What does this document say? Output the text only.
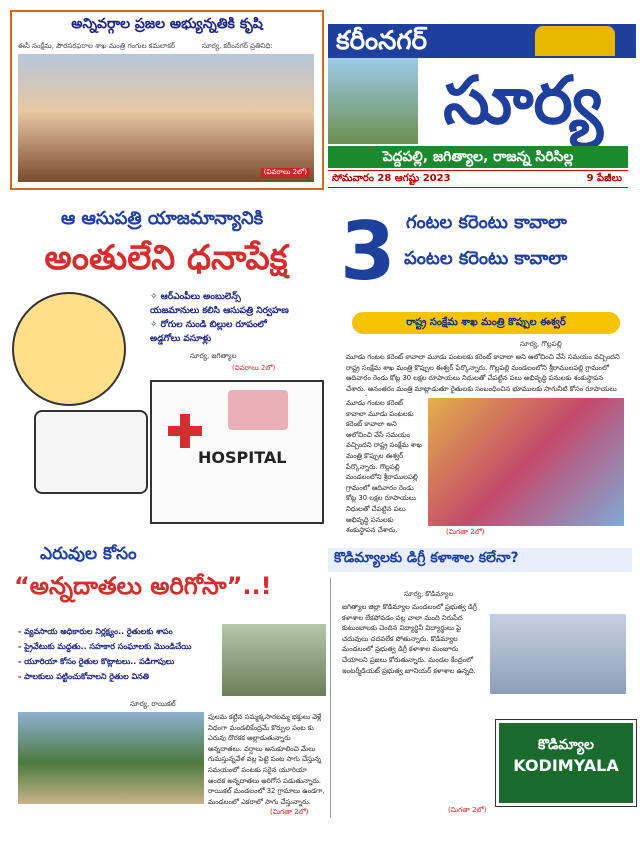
అన్నివర్గాల ప్రజల అభ్యున్నతికి కృషి
ఈసీ సంక్షేమ, పౌరసరఫరాల శాఖ మంత్రి గంగుల కమలాకర్	సూర్య, కరీంనగర్ ప్రతినిధి:
(వివరాలు 2లో)
కరీంనగర్
సూర్య
పెద్దపల్లి, జగిత్యాల, రాజన్న సిరిసిల్ల
సోమవారం 28 ఆగష్టు 2023	9 పేజీలు
ఆ ఆసుపత్రి యాజమాన్యానికి
అంతులేని ధనాపేక్ష
✧ ఆర్‌ఎంపీలు అంబులెన్స్
యజమానులు కలిసి ఆసుపత్రి నిర్వహణ
✧ రోగుల నుండి బిల్లుల రూపంలో
అడ్డగోలు వసూళ్లు
సూర్య, జగిత్యాల
(వివరాలు 2లో)
HOSPITAL
3 గంటల కరెంటు కావాలా
పంటల కరెంటు కావాలా
రాష్ట్ర సంక్షేమ శాఖ మంత్రి కొప్పుల ఈశ్వర్
సూర్య, గొల్లపల్లి
మూడు గంటల కరెంట్ కావాలా మూడు పంటలకు కరెంట్ కావాలా అని ఆలోచించి వేసే సమయం వచ్చిందని రాష్ట్ర సంక్షేమ శాఖ మంత్రి కొప్పుల ఈశ్వర్ పేర్కొన్నారు. గొల్లపల్లి మండలంలోని శ్రీరాములపల్లి గ్రామంలో ఆదివారం రెండు కోట్ల 30 లక్షల రూపాయలు నిధులతో చేపట్టిన పలు అభివృద్ధి పనులకు శంకుస్థాపన చేశారు. అనంతరం మంత్రి మాట్లాడుతూ రైతులకు సంబంధించిన భూములకు సాగునీటి కోసం రూపాయలు
మూడు గంటల కరెంట్ కావాలా మూడు పంటలకు కరెంట్ కావాలా అని ఆలోచించి వేసే సమయం వచ్చిందని రాష్ట్ర సంక్షేమ శాఖ మంత్రి కొప్పుల ఈశ్వర్ పేర్కొన్నారు. గొల్లపల్లి మండలంలోని శ్రీరాములపల్లి గ్రామంలో ఆదివారం రెండు కోట్ల 30 లక్షల రూపాయలు నిధులతో చేపట్టిన పలు అభివృద్ధి పనులకు శంకుస్థాపన చేశారు.	(మిగతా 2లో)
కొడిమ్యాలకు డిగ్రీ కళాశాల కలేనా?
సూర్య, కొడిమ్యాల
జగిత్యాల జిల్లా కొడిమ్యాల మండలంలో ప్రభుత్వ డిగ్రీ కళాశాల లేకపోవడం వల్ల చాలా మంది నిరుపేద కుటుంబాలకు చెందిన విద్యార్థినీ విద్యార్థులు పై చదువులు చదవలేక పోతున్నారు. కొడిమ్యాల మండలంలో ప్రభుత్వ డిగ్రీ కళాశాల మంజూరు చేయాలని ప్రజలు కోరుతున్నారు. మండల కేంద్రంలో ఇంటర్మీడియట్ ప్రభుత్వ జూనియర్ కళాశాల ఉన్నది.
(మిగతా 2లో)
కొడిమ్యాల
KODIMYALA
ఎరువుల కోసం
“అన్నదాతలు అరిగోసా”..!
- వ్యవసాయ అధికారుల నిర్లక్ష్యం.. రైతులకు శాపం
- ప్రైవేటుకు మద్దతు.. సహకార సంఘాలకు మొండిచేయి
- యూరియా కోసం రైతుల కొట్లాటలు.. పడిగాపులు
- పాలకులు పట్టించుకోవాలని రైతుల వినతి
సూర్య, రాయికల్
పులమ కట్టిన సమ్మక్కసారలమ్మ భక్తులు వెళ్లే విధంగా మండలికేంద్రమే కొర్పుల పంట కు ఎరువు దొరకక అల్లాడుతున్నారు అన్నదాతలు. వర్షాలు అనుకూలించి మేలు గుమస్తున్నవేళ వల్ల పెట్టె పంట సాగు చేస్తున్న సమయంలో పంటకు సరైన యూరియా అందక అన్నదాతలు అరిగోస పడుతున్నారు. రాయికల్ మండలంలో 32 గ్రామాలు ఉండగా, మండలంలో ఎకరాలో సాగు చేస్తున్నారు.
(మిగతా 2లో)
